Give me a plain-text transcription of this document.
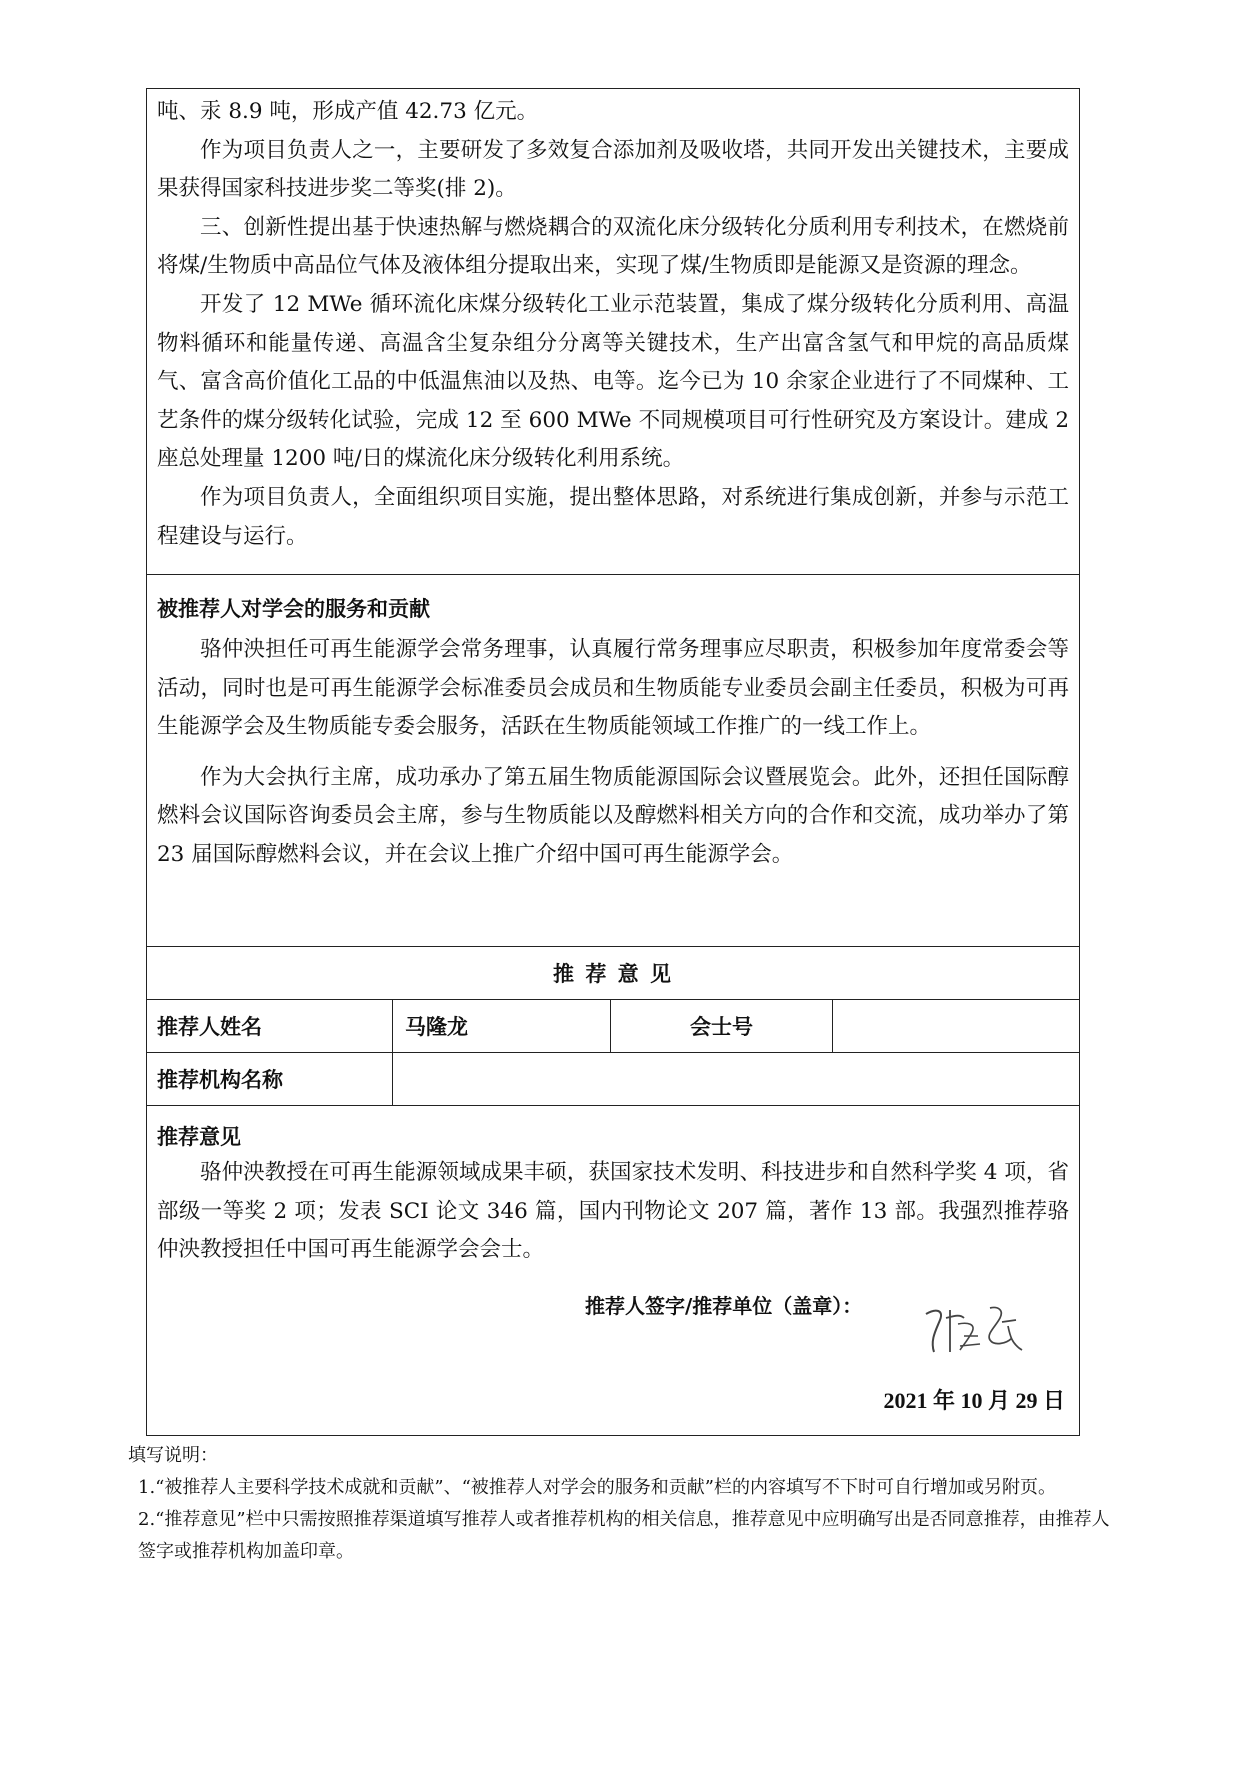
吨、汞 8.9 吨，形成产值 42.73 亿元。

作为项目负责人之一，主要研发了多效复合添加剂及吸收塔，共同开发出关键技术，主要成果获得国家科技进步奖二等奖(排 2)。

三、创新性提出基于快速热解与燃烧耦合的双流化床分级转化分质利用专利技术，在燃烧前将煤/生物质中高品位气体及液体组分提取出来，实现了煤/生物质即是能源又是资源的理念。

开发了 12 MWe 循环流化床煤分级转化工业示范装置，集成了煤分级转化分质利用、高温物料循环和能量传递、高温含尘复杂组分分离等关键技术，生产出富含氢气和甲烷的高品质煤气、富含高价值化工品的中低温焦油以及热、电等。迄今已为 10 余家企业进行了不同煤种、工艺条件的煤分级转化试验，完成 12 至 600 MWe 不同规模项目可行性研究及方案设计。建成 2 座总处理量 1200 吨/日的煤流化床分级转化利用系统。

作为项目负责人，全面组织项目实施，提出整体思路，对系统进行集成创新，并参与示范工程建设与运行。

被推荐人对学会的服务和贡献

骆仲泱担任可再生能源学会常务理事，认真履行常务理事应尽职责，积极参加年度常委会等活动，同时也是可再生能源学会标准委员会成员和生物质能专业委员会副主任委员，积极为可再生能源学会及生物质能专委会服务，活跃在生物质能领域工作推广的一线工作上。

作为大会执行主席，成功承办了第五届生物质能源国际会议暨展览会。此外，还担任国际醇燃料会议国际咨询委员会主席，参与生物质能以及醇燃料相关方向的合作和交流，成功举办了第 23 届国际醇燃料会议，并在会议上推广介绍中国可再生能源学会。

推 荐 意 见
推荐人姓名	马隆龙	会士号
推荐机构名称

推荐意见

骆仲泱教授在可再生能源领域成果丰硕，获国家技术发明、科技进步和自然科学奖 4 项，省部级一等奖 2 项；发表 SCI 论文 346 篇，国内刊物论文 207 篇，著作 13 部。我强烈推荐骆仲泱教授担任中国可再生能源学会会士。

推荐人签字/推荐单位（盖章）：
2021 年 10 月 29 日

填写说明：

1.“被推荐人主要科学技术成就和贡献”、“被推荐人对学会的服务和贡献”栏的内容填写不下时可自行增加或另附页。

2.“推荐意见”栏中只需按照推荐渠道填写推荐人或者推荐机构的相关信息，推荐意见中应明确写出是否同意推荐，由推荐人签字或推荐机构加盖印章。
